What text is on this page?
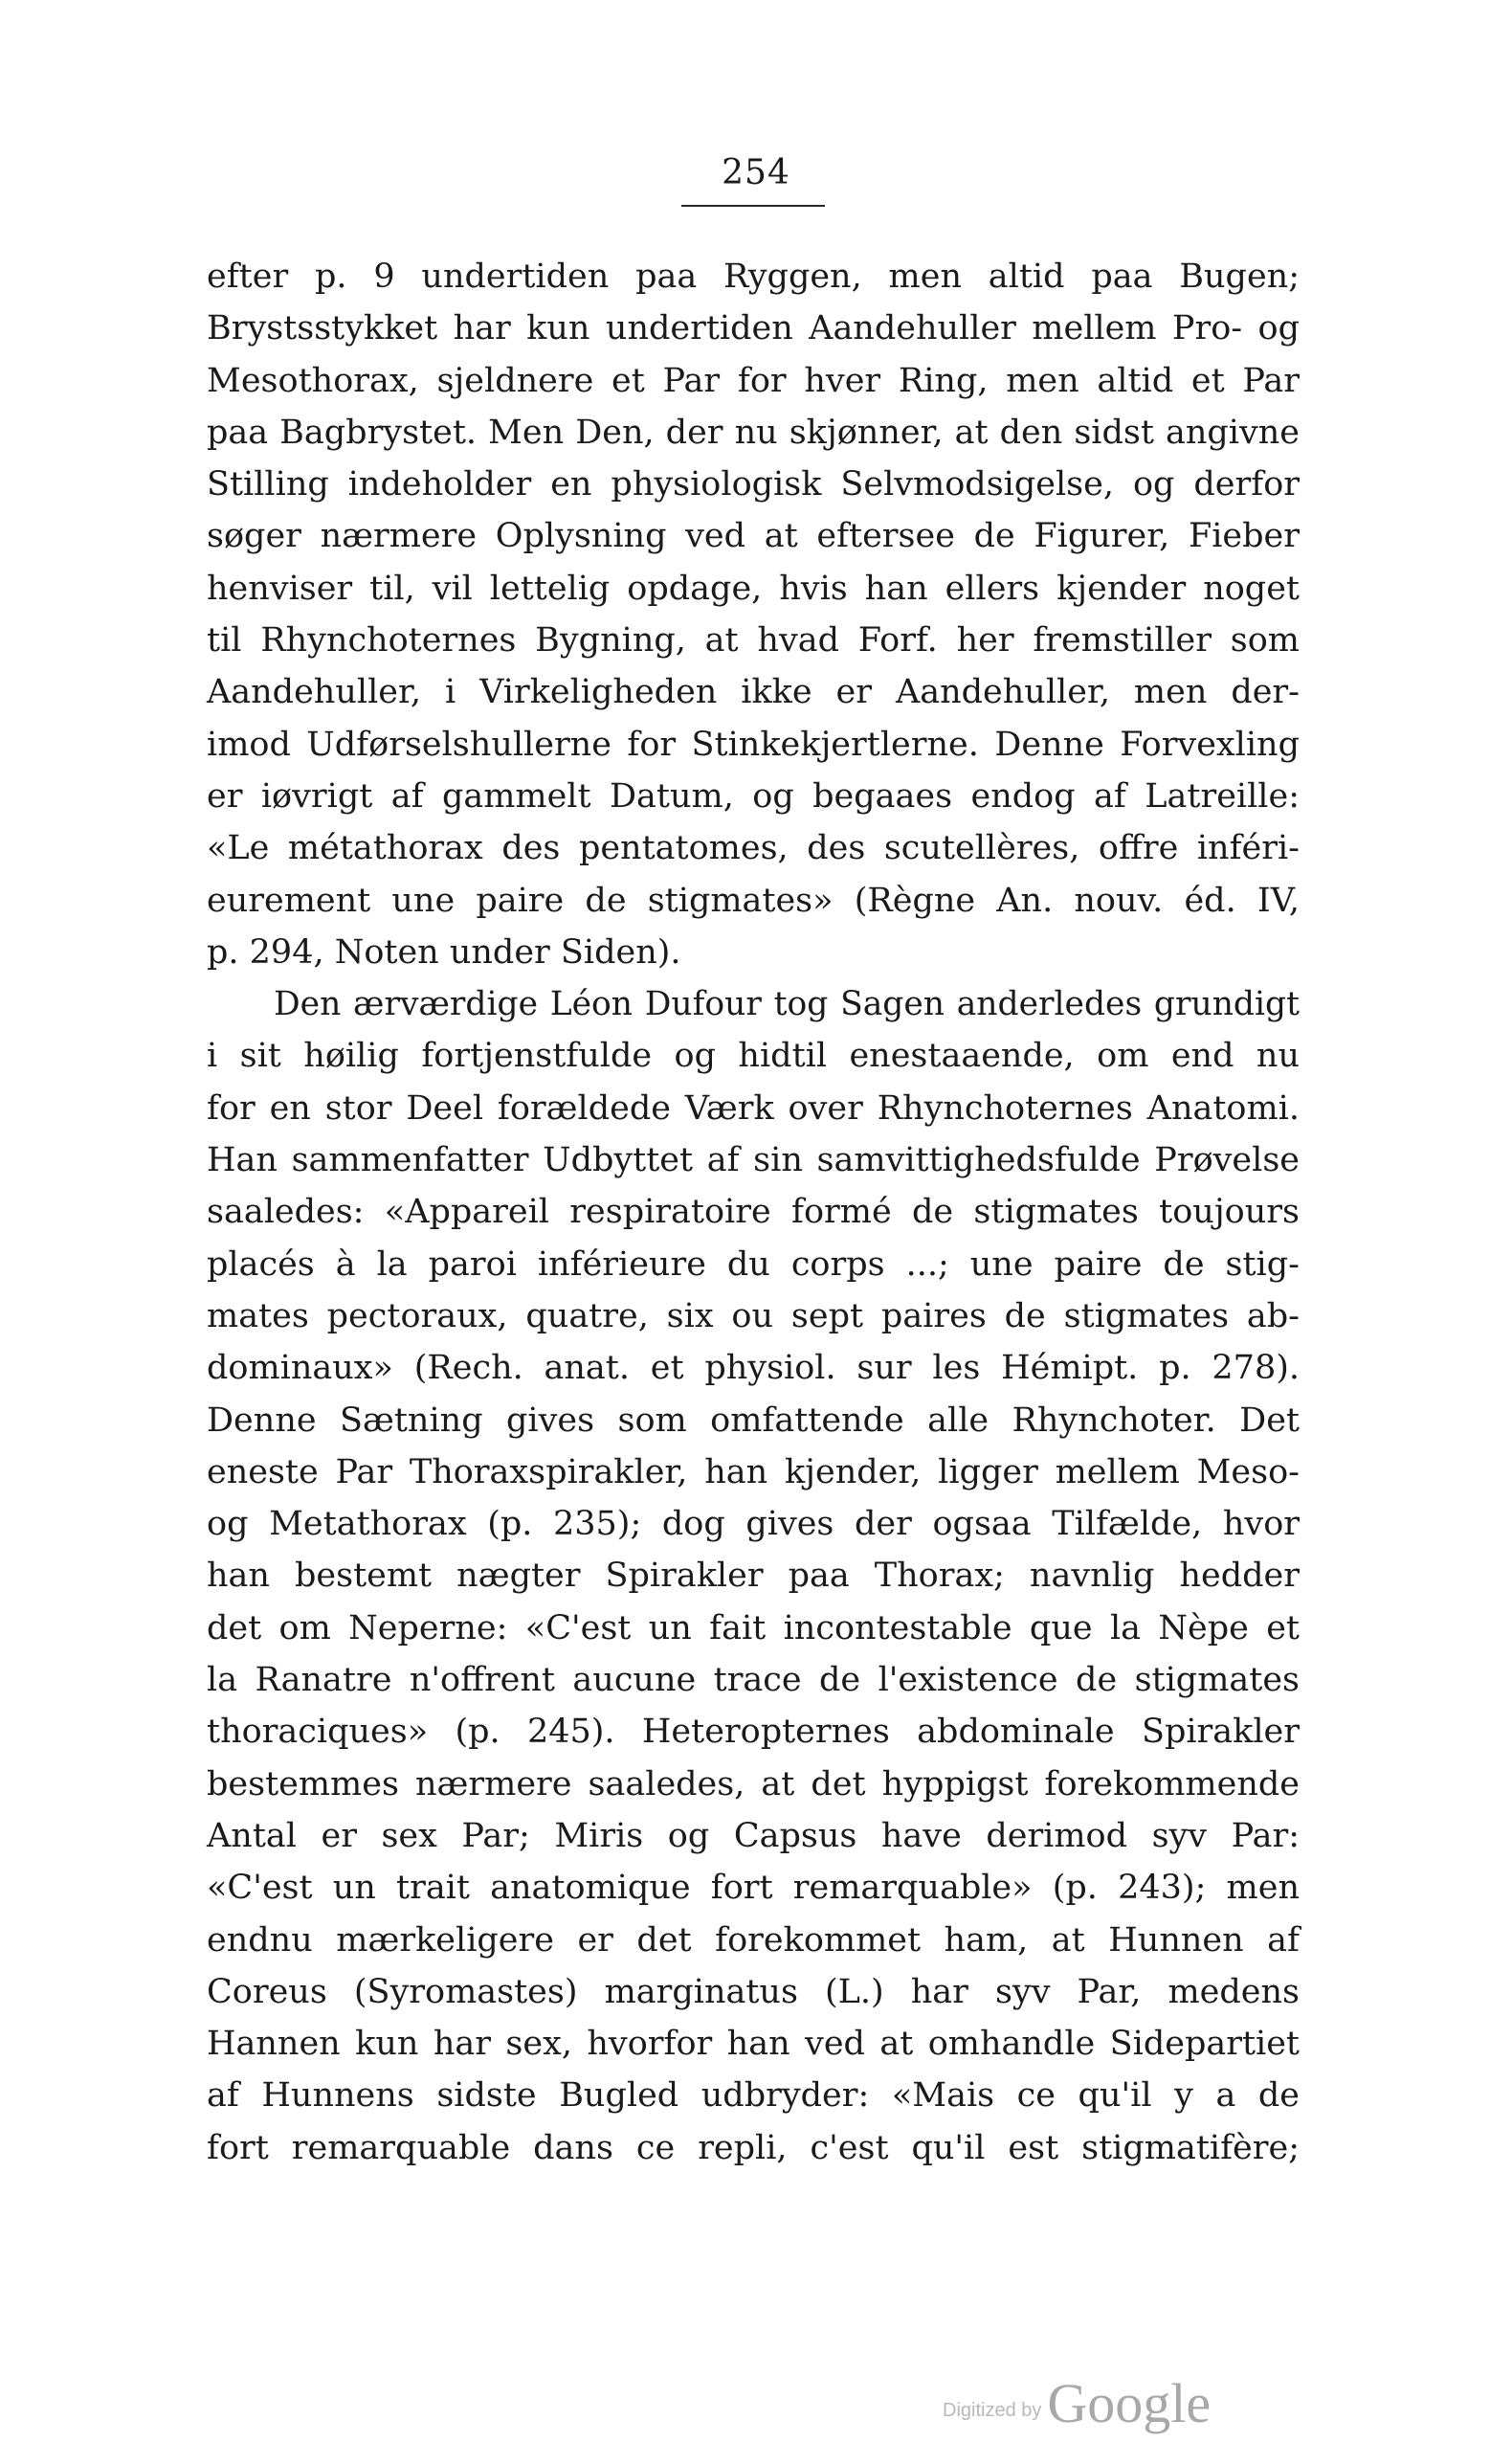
254
efter p. 9 undertiden paa Ryggen, men altid paa Bugen;
Brystsstykket har kun undertiden Aandehuller mellem Pro- og
Mesothorax, sjeldnere et Par for hver Ring, men altid et Par
paa Bagbrystet. Men Den, der nu skjønner, at den sidst angivne
Stilling indeholder en physiologisk Selvmodsigelse, og derfor
søger nærmere Oplysning ved at eftersee de Figurer, Fieber
henviser til, vil lettelig opdage, hvis han ellers kjender noget
til Rhynchoternes Bygning, at hvad Forf. her fremstiller som
Aandehuller, i Virkeligheden ikke er Aandehuller, men der-
imod Udførselshullerne for Stinkekjertlerne. Denne Forvexling
er iøvrigt af gammelt Datum, og begaaes endog af Latreille:
«Le métathorax des pentatomes, des scutellères, offre inféri-
eurement une paire de stigmates» (Règne An. nouv. éd. IV,
p. 294, Noten under Siden).
Den ærværdige Léon Dufour tog Sagen anderledes grundigt
i sit høilig fortjenstfulde og hidtil enestaaende, om end nu
for en stor Deel forældede Værk over Rhynchoternes Anatomi.
Han sammenfatter Udbyttet af sin samvittighedsfulde Prøvelse
saaledes: «Appareil respiratoire formé de stigmates toujours
placés à la paroi inférieure du corps ...; une paire de stig-
mates pectoraux, quatre, six ou sept paires de stigmates ab-
dominaux» (Rech. anat. et physiol. sur les Hémipt. p. 278).
Denne Sætning gives som omfattende alle Rhynchoter. Det
eneste Par Thoraxspirakler, han kjender, ligger mellem Meso-
og Metathorax (p. 235); dog gives der ogsaa Tilfælde, hvor
han bestemt nægter Spirakler paa Thorax; navnlig hedder
det om Neperne: «C'est un fait incontestable que la Nèpe et
la Ranatre n'offrent aucune trace de l'existence de stigmates
thoraciques» (p. 245). Heteropternes abdominale Spirakler
bestemmes nærmere saaledes, at det hyppigst forekommende
Antal er sex Par; Miris og Capsus have derimod syv Par:
«C'est un trait anatomique fort remarquable» (p. 243); men
endnu mærkeligere er det forekommet ham, at Hunnen af
Coreus (Syromastes) marginatus (L.) har syv Par, medens
Hannen kun har sex, hvorfor han ved at omhandle Sidepartiet
af Hunnens sidste Bugled udbryder: «Mais ce qu'il y a de
fort remarquable dans ce repli, c'est qu'il est stigmatifère;
Digitized by Google
